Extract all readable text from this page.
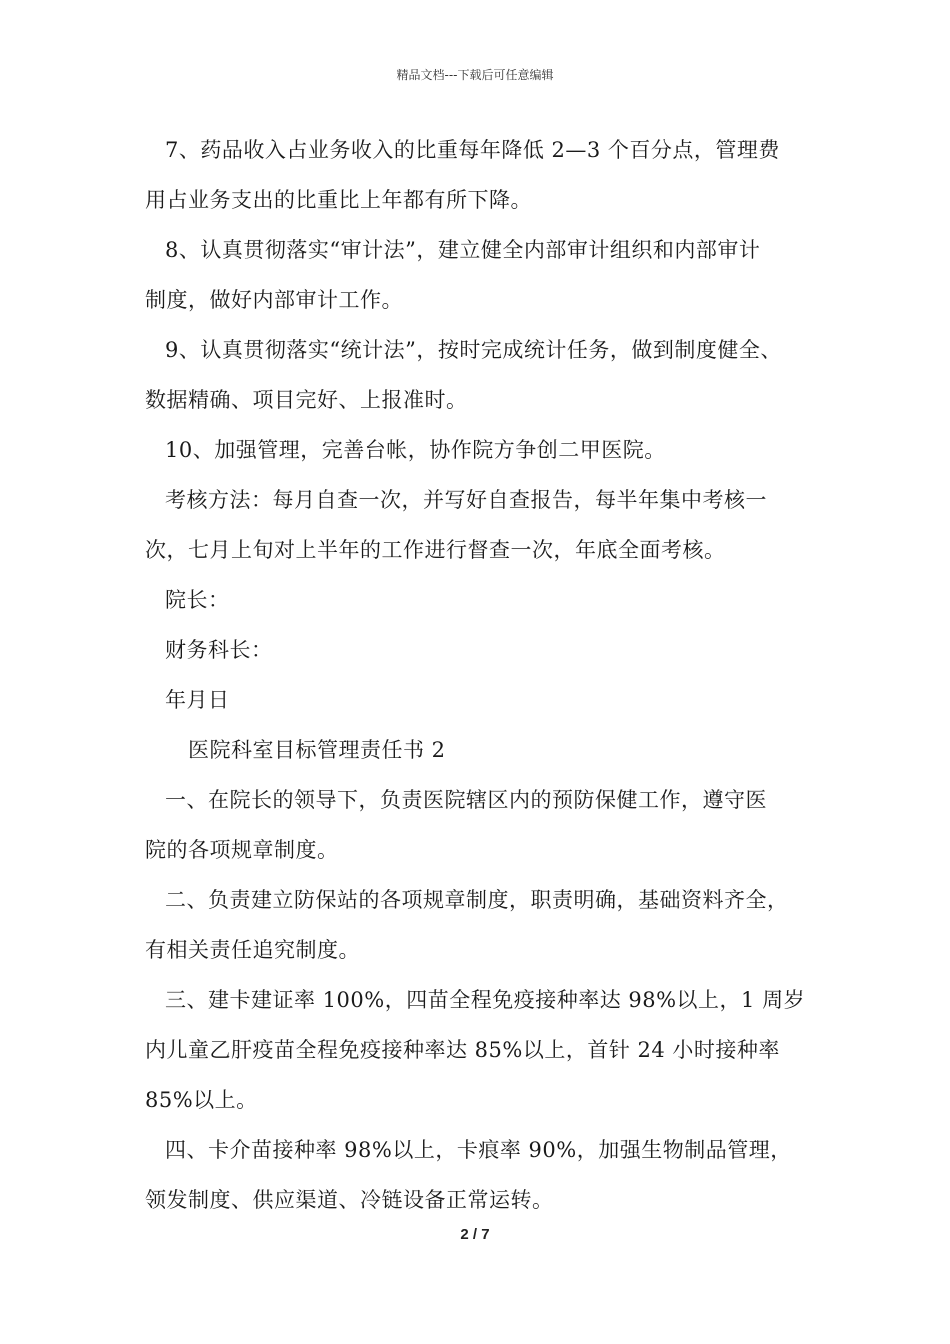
精品文档---下载后可任意编辑
7、药品收入占业务收入的比重每年降低 2—3 个百分点，管理费
用占业务支出的比重比上年都有所下降。
8、认真贯彻落实“审计法”，建立健全内部审计组织和内部审计
制度，做好内部审计工作。
9、认真贯彻落实“统计法”，按时完成统计任务，做到制度健全、
数据精确、项目完好、上报准时。
10、加强管理，完善台帐，协作院方争创二甲医院。
考核方法：每月自查一次，并写好自查报告，每半年集中考核一
次，七月上旬对上半年的工作进行督查一次，年底全面考核。
院长：
财务科长：
年月日
医院科室目标管理责任书 2
一、在院长的领导下，负责医院辖区内的预防保健工作，遵守医
院的各项规章制度。
二、负责建立防保站的各项规章制度，职责明确，基础资料齐全，
有相关责任追究制度。
三、建卡建证率 100%，四苗全程免疫接种率达 98%以上，1 周岁
内儿童乙肝疫苗全程免疫接种率达 85%以上，首针 24 小时接种率
85%以上。
四、卡介苗接种率 98%以上，卡痕率 90%，加强生物制品管理，
领发制度、供应渠道、冷链设备正常运转。
2 / 7
